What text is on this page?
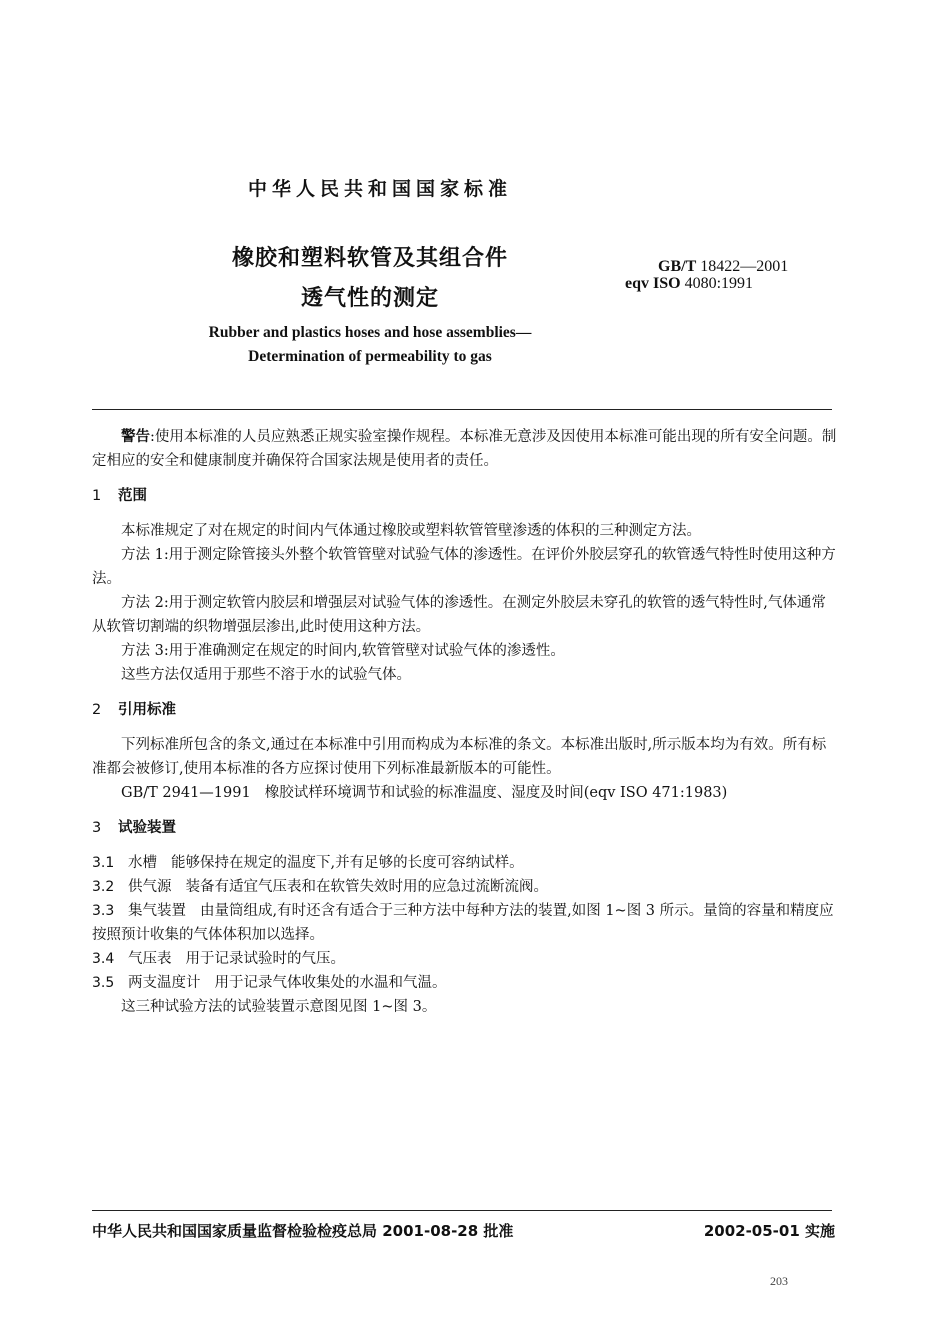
中华人民共和国国家标准
橡胶和塑料软管及其组合件
透气性的测定
GB/T 18422—2001
eqv ISO 4080:1991
Rubber and plastics hoses and hose assemblies—
Determination of permeability to gas

警告:使用本标准的人员应熟悉正规实验室操作规程。本标准无意涉及因使用本标准可能出现的所有安全问题。制定相应的安全和健康制度并确保符合国家法规是使用者的责任。

1 范围

本标准规定了对在规定的时间内气体通过橡胶或塑料软管管壁渗透的体积的三种测定方法。

方法 1:用于测定除管接头外整个软管管壁对试验气体的渗透性。在评价外胶层穿孔的软管透气特性时使用这种方法。

方法 2:用于测定软管内胶层和增强层对试验气体的渗透性。在测定外胶层未穿孔的软管的透气特性时,气体通常从软管切割端的织物增强层渗出,此时使用这种方法。

方法 3:用于准确测定在规定的时间内,软管管壁对试验气体的渗透性。

这些方法仅适用于那些不溶于水的试验气体。

2 引用标准

下列标准所包含的条文,通过在本标准中引用而构成为本标准的条文。本标准出版时,所示版本均为有效。所有标准都会被修订,使用本标准的各方应探讨使用下列标准最新版本的可能性。

GB/T 2941—1991 橡胶试样环境调节和试验的标准温度、湿度及时间(eqv ISO 471:1983)

3 试验装置

3.1 水槽 能够保持在规定的温度下,并有足够的长度可容纳试样。

3.2 供气源 装备有适宜气压表和在软管失效时用的应急过流断流阀。

3.3 集气装置 由量筒组成,有时还含有适合于三种方法中每种方法的装置,如图 1~图 3 所示。量筒的容量和精度应按照预计收集的气体体积加以选择。

3.4 气压表 用于记录试验时的气压。

3.5 两支温度计 用于记录气体收集处的水温和气温。

这三种试验方法的试验装置示意图见图 1~图 3。

中华人民共和国国家质量监督检验检疫总局 2001-08-28 批准	2002-05-01 实施
203
